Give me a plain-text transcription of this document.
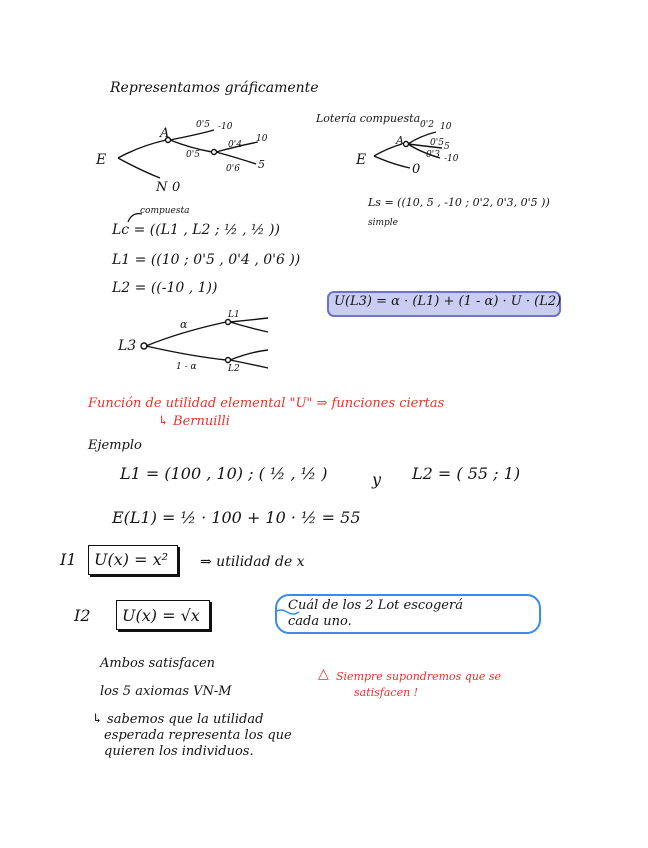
Representamos gráficamente
E
A
N 0
0'5 -10
0'5
0'4
10
0'6 5
Lotería compuesta
E
A
0'2 10
0'5 5
0'3 -10
0
compuesta
Lc = ((L1 , L2 ; ½ , ½ ))
L1 = ((10 ; 0'5 , 0'4 , 0'6 ))
L2 = ((-10 , 1))
Ls = ((10, 5 , -10 ; 0'2, 0'3, 0'5 ))
simple
U(L3) = α · (L1) + (1 - α) · U · (L2)
L3
α
1 - α
L1
L2
Función de utilidad elemental "U" ⇒ funciones ciertas
↳ Bernuilli
Ejemplo
L1 = (100 , 10) ; ( ½ , ½ )	y L2 = ( 55 ; 1)
E(L1) = ½ · 100 + 10 · ½ = 55
I1 U(x) = x² ⇒ utilidad de x
I2 U(x) = √x
Cuál de los 2 Lot escogerá
cada uno.
Ambos satisfacen
los 5 axiomas VN-M
△ Siempre supondremos que se
satisfacen !
↳ sabemos que la utilidad
esperada representa los que
quieren los individuos.
